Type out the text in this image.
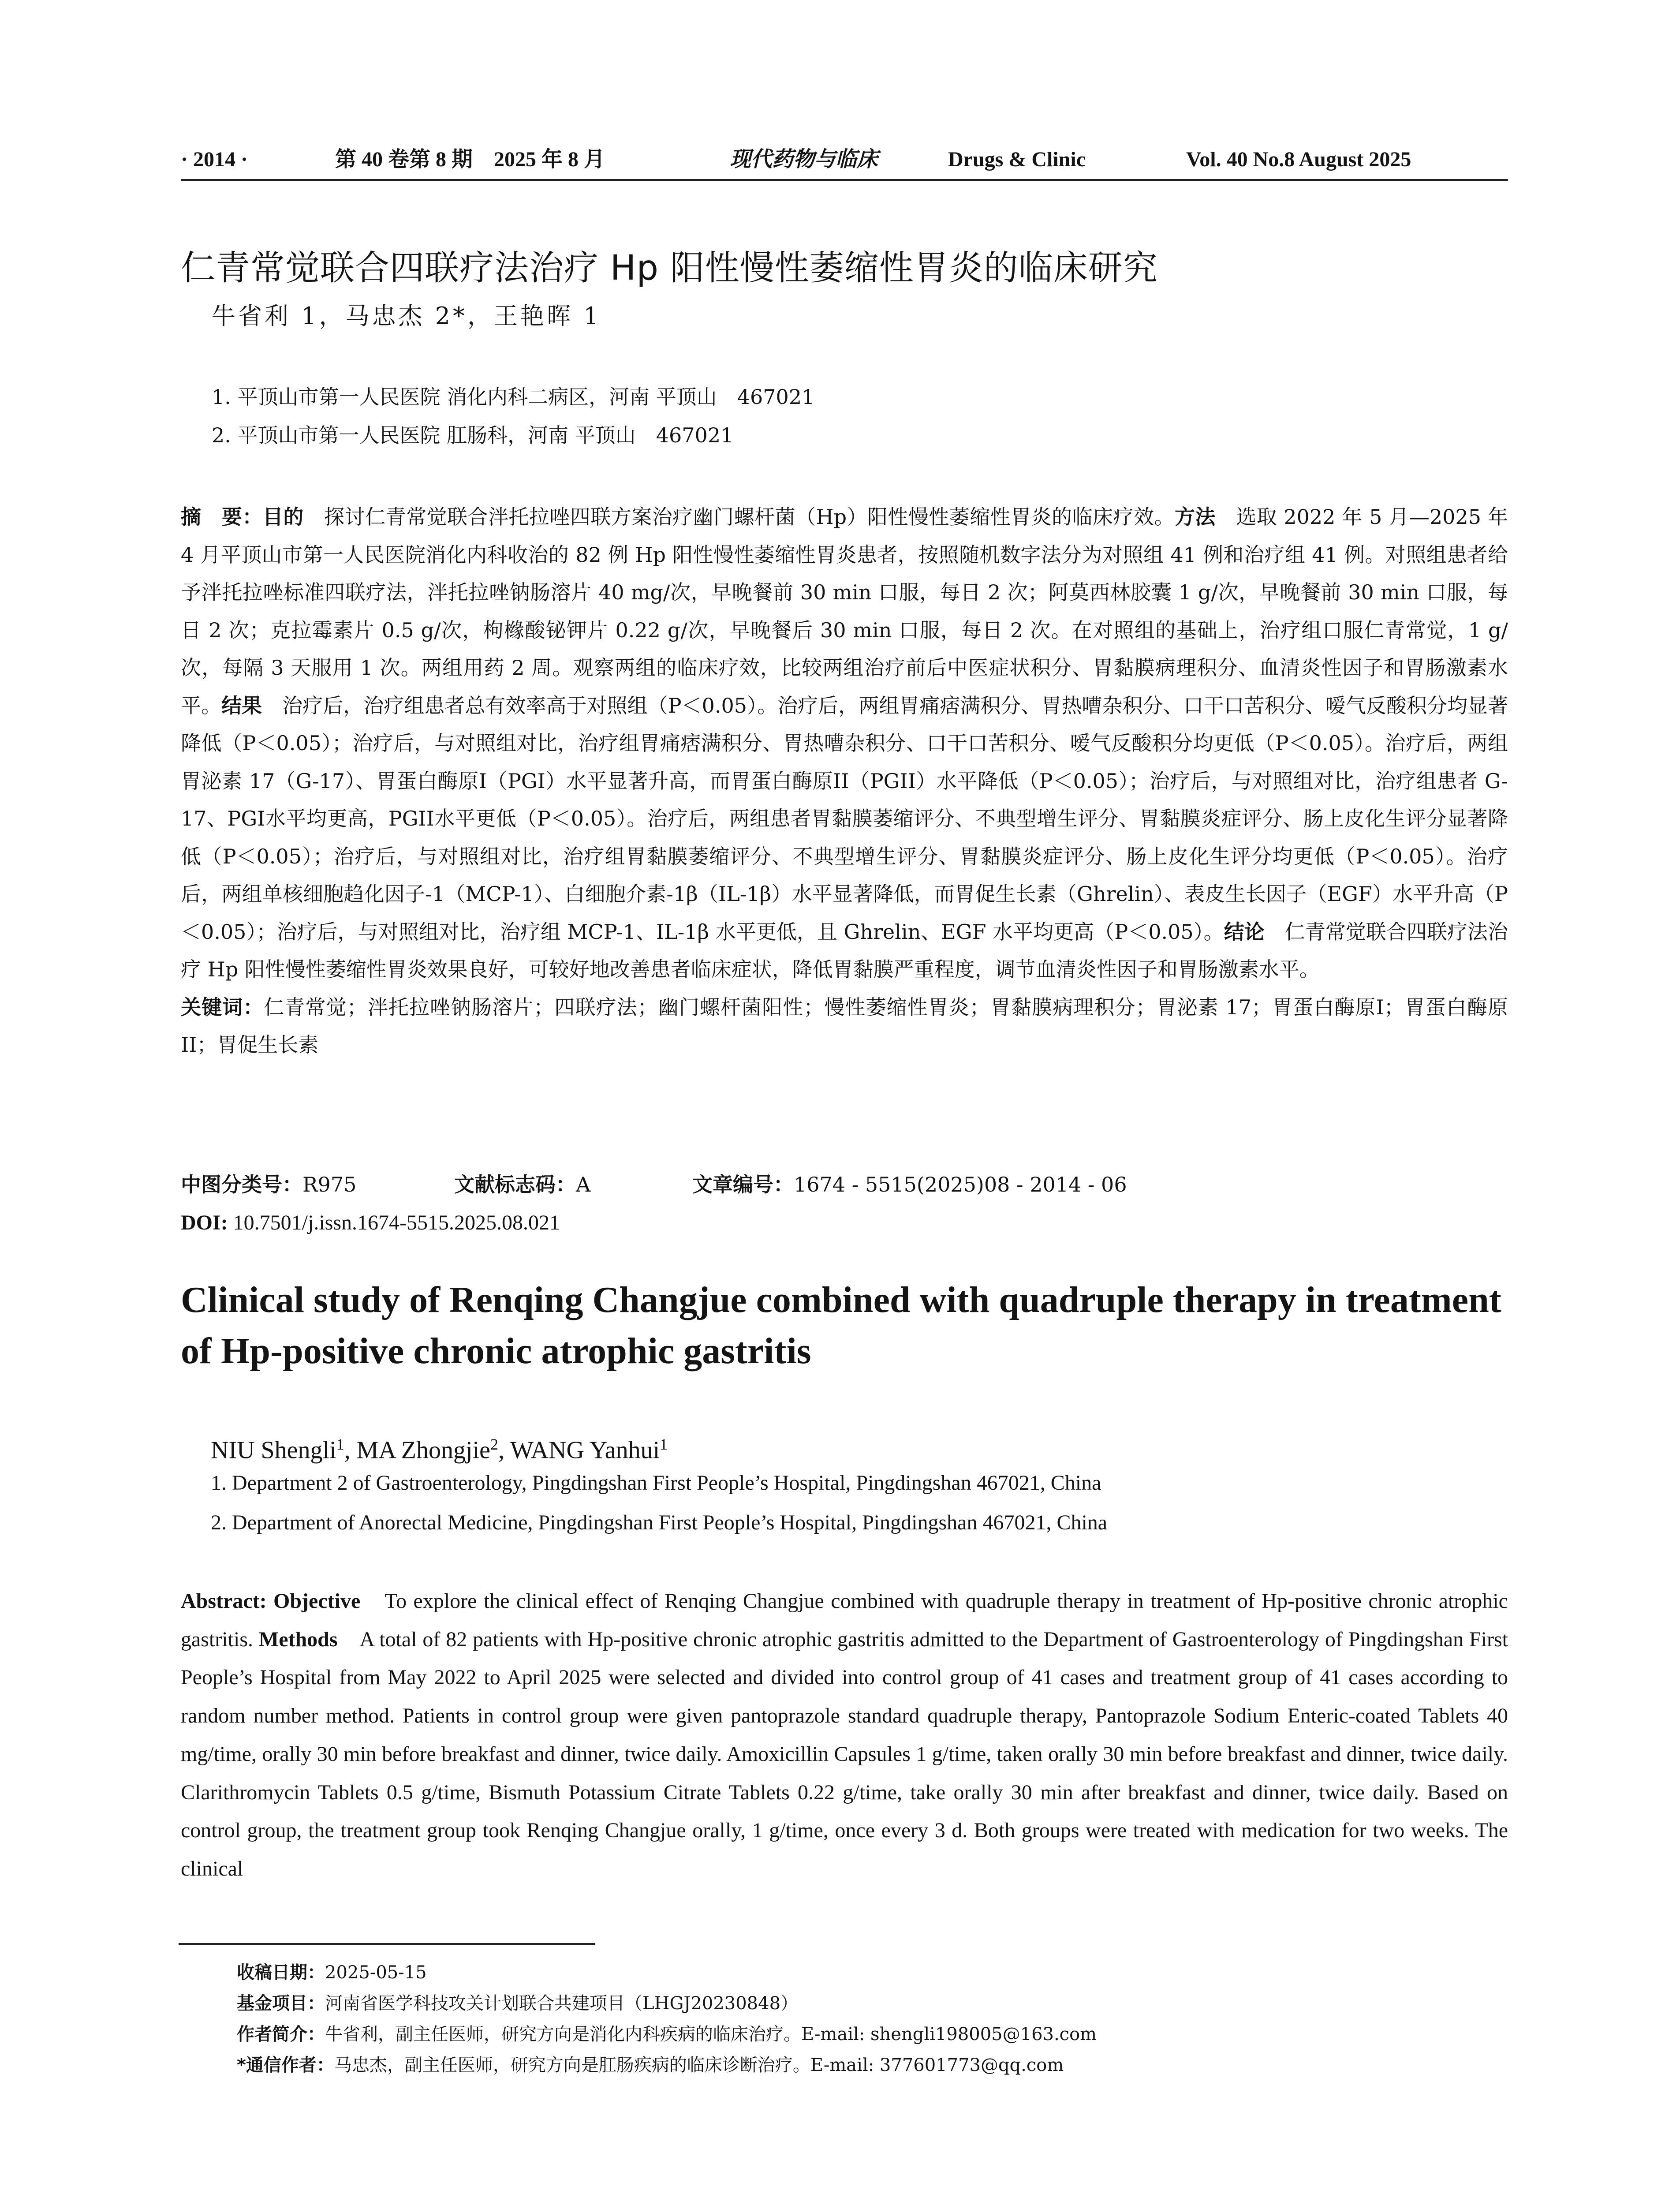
· 2014 ·	第 40 卷第 8 期　2025 年 8 月	现代药物与临床	Drugs & Clinic	Vol. 40 No.8 August 2025
仁青常觉联合四联疗法治疗 Hp 阳性慢性萎缩性胃炎的临床研究
牛省利 1，马忠杰 2*，王艳晖 1
1. 平顶山市第一人民医院 消化内科二病区，河南 平顶山　467021
2. 平顶山市第一人民医院 肛肠科，河南 平顶山　467021
摘　要：目的　 探讨仁青常觉联合泮托拉唑四联方案治疗幽门螺杆菌（Hp）阳性慢性萎缩性胃炎的临床疗效。方法　 选取 2022 年 5 月—2025 年 4 月平顶山市第一人民医院消化内科收治的 82 例 Hp 阳性慢性萎缩性胃炎患者，按照随机数字法分为对照组 41 例和治疗组 41 例。对照组患者给予泮托拉唑标准四联疗法，泮托拉唑钠肠溶片 40 mg/次，早晚餐前 30 min 口服，每日 2 次；阿莫西林胶囊 1 g/次，早晚餐前 30 min 口服，每日 2 次；克拉霉素片 0.5 g/次，枸橼酸铋钾片 0.22 g/次，早晚餐后 30 min 口服，每日 2 次。在对照组的基础上，治疗组口服仁青常觉，1 g/次，每隔 3 天服用 1 次。两组用药 2 周。观察两组的临床疗效，比较两组治疗前后中医症状积分、胃黏膜病理积分、血清炎性因子和胃肠激素水平。结果　 治疗后，治疗组患者总有效率高于对照组（P＜0.05）。治疗后，两组胃痛痞满积分、胃热嘈杂积分、口干口苦积分、嗳气反酸积分均显著降低（P＜0.05）；治疗后，与对照组对比，治疗组胃痛痞满积分、胃热嘈杂积分、口干口苦积分、嗳气反酸积分均更低（P＜0.05）。治疗后，两组胃泌素 17（G-17）、胃蛋白酶原I（PGI）水平显著升高，而胃蛋白酶原II（PGII）水平降低（P＜0.05）；治疗后，与对照组对比，治疗组患者 G-17、PGI水平均更高，PGII水平更低（P＜0.05）。治疗后，两组患者胃黏膜萎缩评分、不典型增生评分、胃黏膜炎症评分、肠上皮化生评分显著降低（P＜0.05）；治疗后，与对照组对比，治疗组胃黏膜萎缩评分、不典型增生评分、胃黏膜炎症评分、肠上皮化生评分均更低（P＜0.05）。治疗后，两组单核细胞趋化因子-1（MCP-1）、白细胞介素-1β（IL-1β）水平显著降低，而胃促生长素（Ghrelin）、表皮生长因子（EGF）水平升高（P＜0.05）；治疗后，与对照组对比，治疗组 MCP-1、IL-1β 水平更低，且 Ghrelin、EGF 水平均更高（P＜0.05）。结论　 仁青常觉联合四联疗法治疗 Hp 阳性慢性萎缩性胃炎效果良好，可较好地改善患者临床症状，降低胃黏膜严重程度，调节血清炎性因子和胃肠激素水平。
关键词：仁青常觉；泮托拉唑钠肠溶片；四联疗法；幽门螺杆菌阳性；慢性萎缩性胃炎；胃黏膜病理积分；胃泌素 17；胃蛋白酶原I；胃蛋白酶原II；胃促生长素
中图分类号：R975	文献标志码：A	文章编号：1674 - 5515(2025)08 - 2014 - 06
DOI: 10.7501/j.issn.1674-5515.2025.08.021
Clinical study of Renqing Changjue combined with quadruple therapy in treatment of Hp-positive chronic atrophic gastritis
NIU Shengli$^1$, MA Zhongjie$^2$, WANG Yanhui$^1$
1. Department 2 of Gastroenterology, Pingdingshan First People’s Hospital, Pingdingshan 467021, China
2. Department of Anorectal Medicine, Pingdingshan First People’s Hospital, Pingdingshan 467021, China
Abstract: Objective　 To explore the clinical effect of Renqing Changjue combined with quadruple therapy in treatment of Hp-positive chronic atrophic gastritis. Methods　 A total of 82 patients with Hp-positive chronic atrophic gastritis admitted to the Department of Gastroenterology of Pingdingshan First People’s Hospital from May 2022 to April 2025 were selected and divided into control group of 41 cases and treatment group of 41 cases according to random number method. Patients in control group were given pantoprazole standard quadruple therapy, Pantoprazole Sodium Enteric-coated Tablets 40 mg/time, orally 30 min before breakfast and dinner, twice daily. Amoxicillin Capsules 1 g/time, taken orally 30 min before breakfast and dinner, twice daily. Clarithromycin Tablets 0.5 g/time, Bismuth Potassium Citrate Tablets 0.22 g/time, take orally 30 min after breakfast and dinner, twice daily. Based on control group, the treatment group took Renqing Changjue orally, 1 g/time, once every 3 d. Both groups were treated with medication for two weeks. The clinical
收稿日期：2025-05-15
基金项目：河南省医学科技攻关计划联合共建项目（LHGJ20230848）
作者简介：牛省利，副主任医师，研究方向是消化内科疾病的临床治疗。E-mail: shengli198005@163.com
*通信作者：马忠杰，副主任医师，研究方向是肛肠疾病的临床诊断治疗。E-mail: 377601773@qq.com
